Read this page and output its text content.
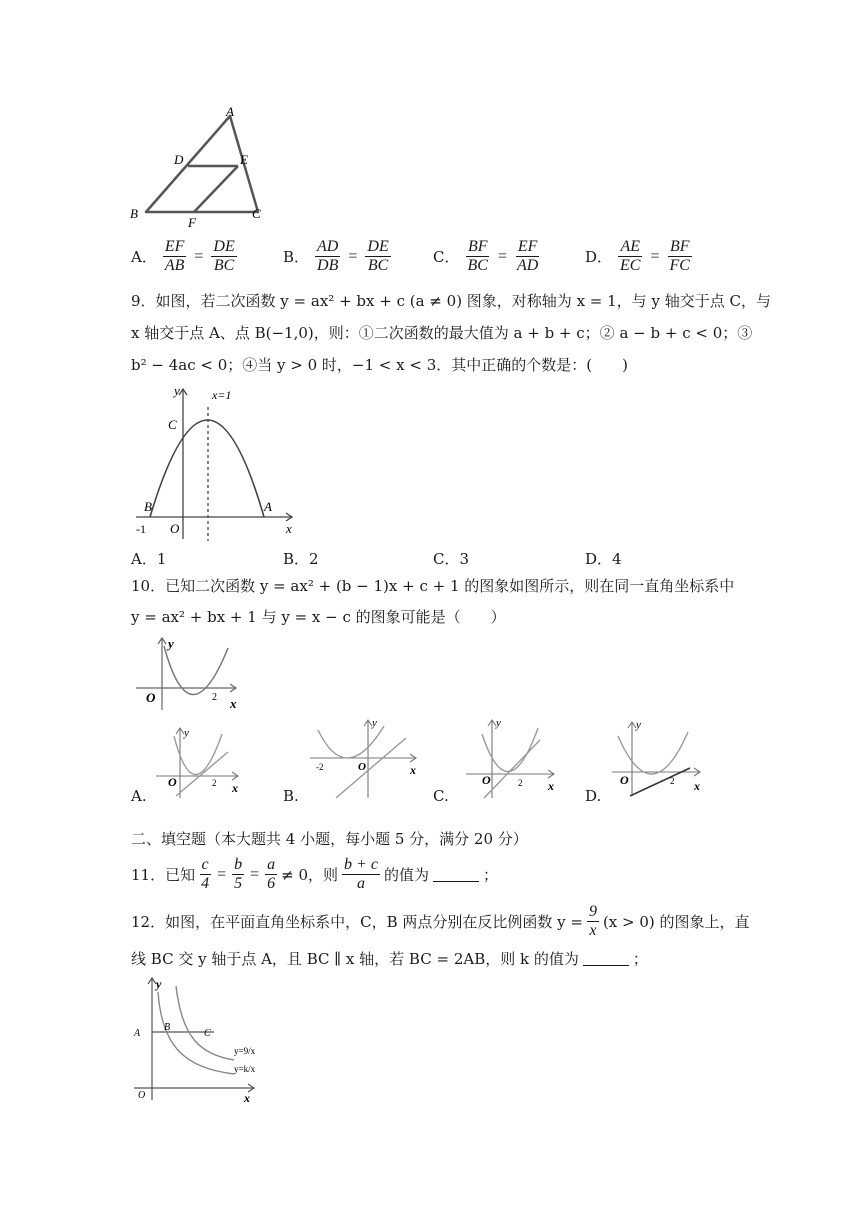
A
D	E
B
F
C
A． $\frac{EF}{AB} = \frac{DE}{BC}$	B． $\frac{AD}{DB} = \frac{DE}{BC}$	C． $\frac{BF}{BC} = \frac{EF}{AD}$	D． $\frac{AE}{EC} = \frac{BF}{FC}$
9．如图，若二次函数 y = ax² + bx + c (a ≠ 0) 图象，对称轴为 x = 1，与 y 轴交于点 C，与
x 轴交于点 A、点 B(−1,0)，则：①二次函数的最大值为 a + b + c；② a − b + c < 0；③
b² − 4ac < 0；④当 y > 0 时，−1 < x < 3．其中正确的个数是：(　　)
y	x=1
C
B	A
-1 O	x
A．1	B．2	C．3	D．4
10．已知二次函数 y = ax² + (b − 1)x + c + 1 的图象如图所示，则在同一直角坐标系中
y = ax² + bx + 1 与 y = x − c 的图象可能是（　　）
y
O	2 x
A.
y
O	2 x	B.
y
-2	O	x
C.
y
O	2 x
D.
y
O	2 x
二、填空题（本大题共 4 小题，每小题 5 分，满分 20 分）
11．已知 $\frac{c}{4} = \frac{b}{5} = \frac{a}{6} \ne 0$，则 $\frac{b + c}{a}$ 的值为	；
12．如图，在平面直角坐标系中，C，B 两点分别在反比例函数 $y = \frac{9}{x} (x > 0)$ 的图象上，直
线 BC 交 y 轴于点 A，且 BC ∥ x 轴，若 BC = 2AB，则 k 的值为	；
y
A
B
C
y=9/x
y=k/x
O	x
